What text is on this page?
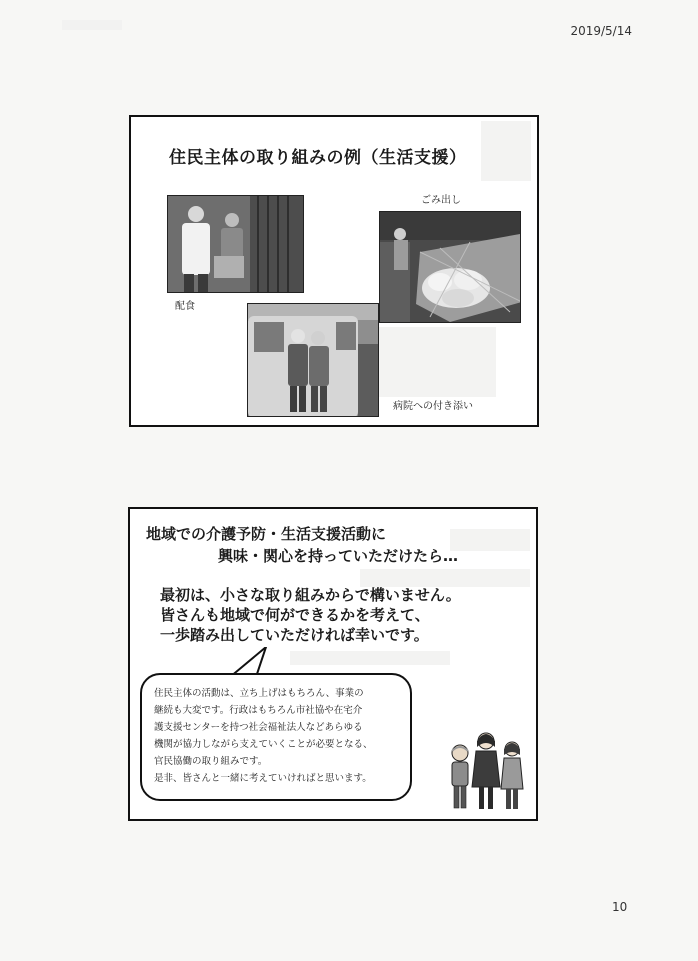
2019/5/14
住民主体の取り組みの例（生活支援）
配食
ごみ出し
病院への付き添い
地域での介護予防・生活支援活動に
興味・関心を持っていただけたら…
最初は、小さな取り組みからで構いません。
皆さんも地域で何ができるかを考えて、
一歩踏み出していただければ幸いです。

住民主体の活動は、立ち上げはもちろん、事業の

継続も大変です。行政はもちろん市社協や在宅介

護支援センターを持つ社会福祉法人などあらゆる

機関が協力しながら支えていくことが必要となる、

官民協働の取り組みです。

是非、皆さんと一緒に考えていければと思います。

10
